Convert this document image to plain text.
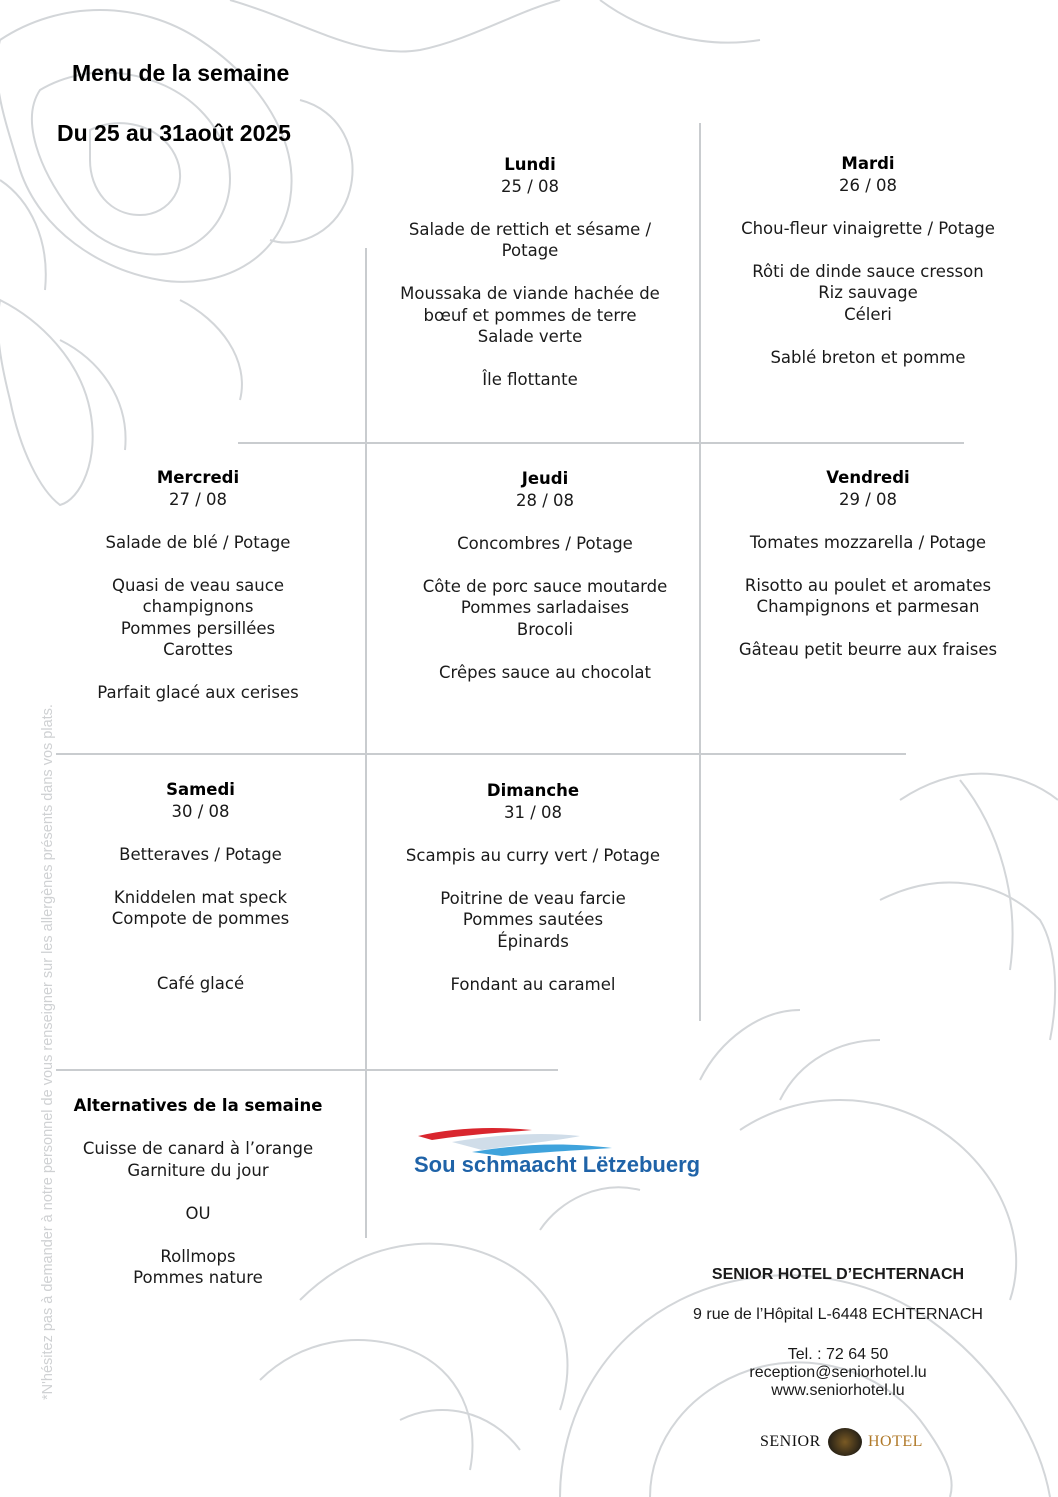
Menu de la semaine
Du 25 au 31août 2025
Lundi
25 / 08
Salade de rettich et sésame /
Potage
Moussaka de viande hachée de
bœuf et pommes de terre
Salade verte
Île flottante
Mardi
26 / 08
Chou-fleur vinaigrette / Potage
Rôti de dinde sauce cresson
Riz sauvage
Céleri
Sablé breton et pomme
Mercredi
27 / 08
Salade de blé / Potage
Quasi de veau sauce
champignons
Pommes persillées
Carottes
Parfait glacé aux cerises
Jeudi
28 / 08
Concombres / Potage
Côte de porc sauce moutarde
Pommes sarladaises
Brocoli
Crêpes sauce au chocolat
Vendredi
29 / 08
Tomates mozzarella / Potage
Risotto au poulet et aromates
Champignons et parmesan
Gâteau petit beurre aux fraises
Samedi
30 / 08
Betteraves / Potage
Kniddelen mat speck
Compote de pommes
Café glacé
Dimanche
31 / 08
Scampis au curry vert / Potage
Poitrine de veau farcie
Pommes sautées
Épinards
Fondant au caramel
Alternatives de la semaine
Cuisse de canard à l’orange
Garniture du jour
OU
Rollmops
Pommes nature
*N'hésitez pas à demander à notre personnel de vous renseigner sur les allergènes présents dans vos plats.	Sou schmaacht Lëtzebuerg

SENIOR HOTEL D’ECHTERNACH

9 rue de l’Hôpital L-6448 ECHTERNACH

Tel. : 72 64 50

reception@seniorhotel.lu

www.seniorhotel.lu

SENIOR	HOTEL
